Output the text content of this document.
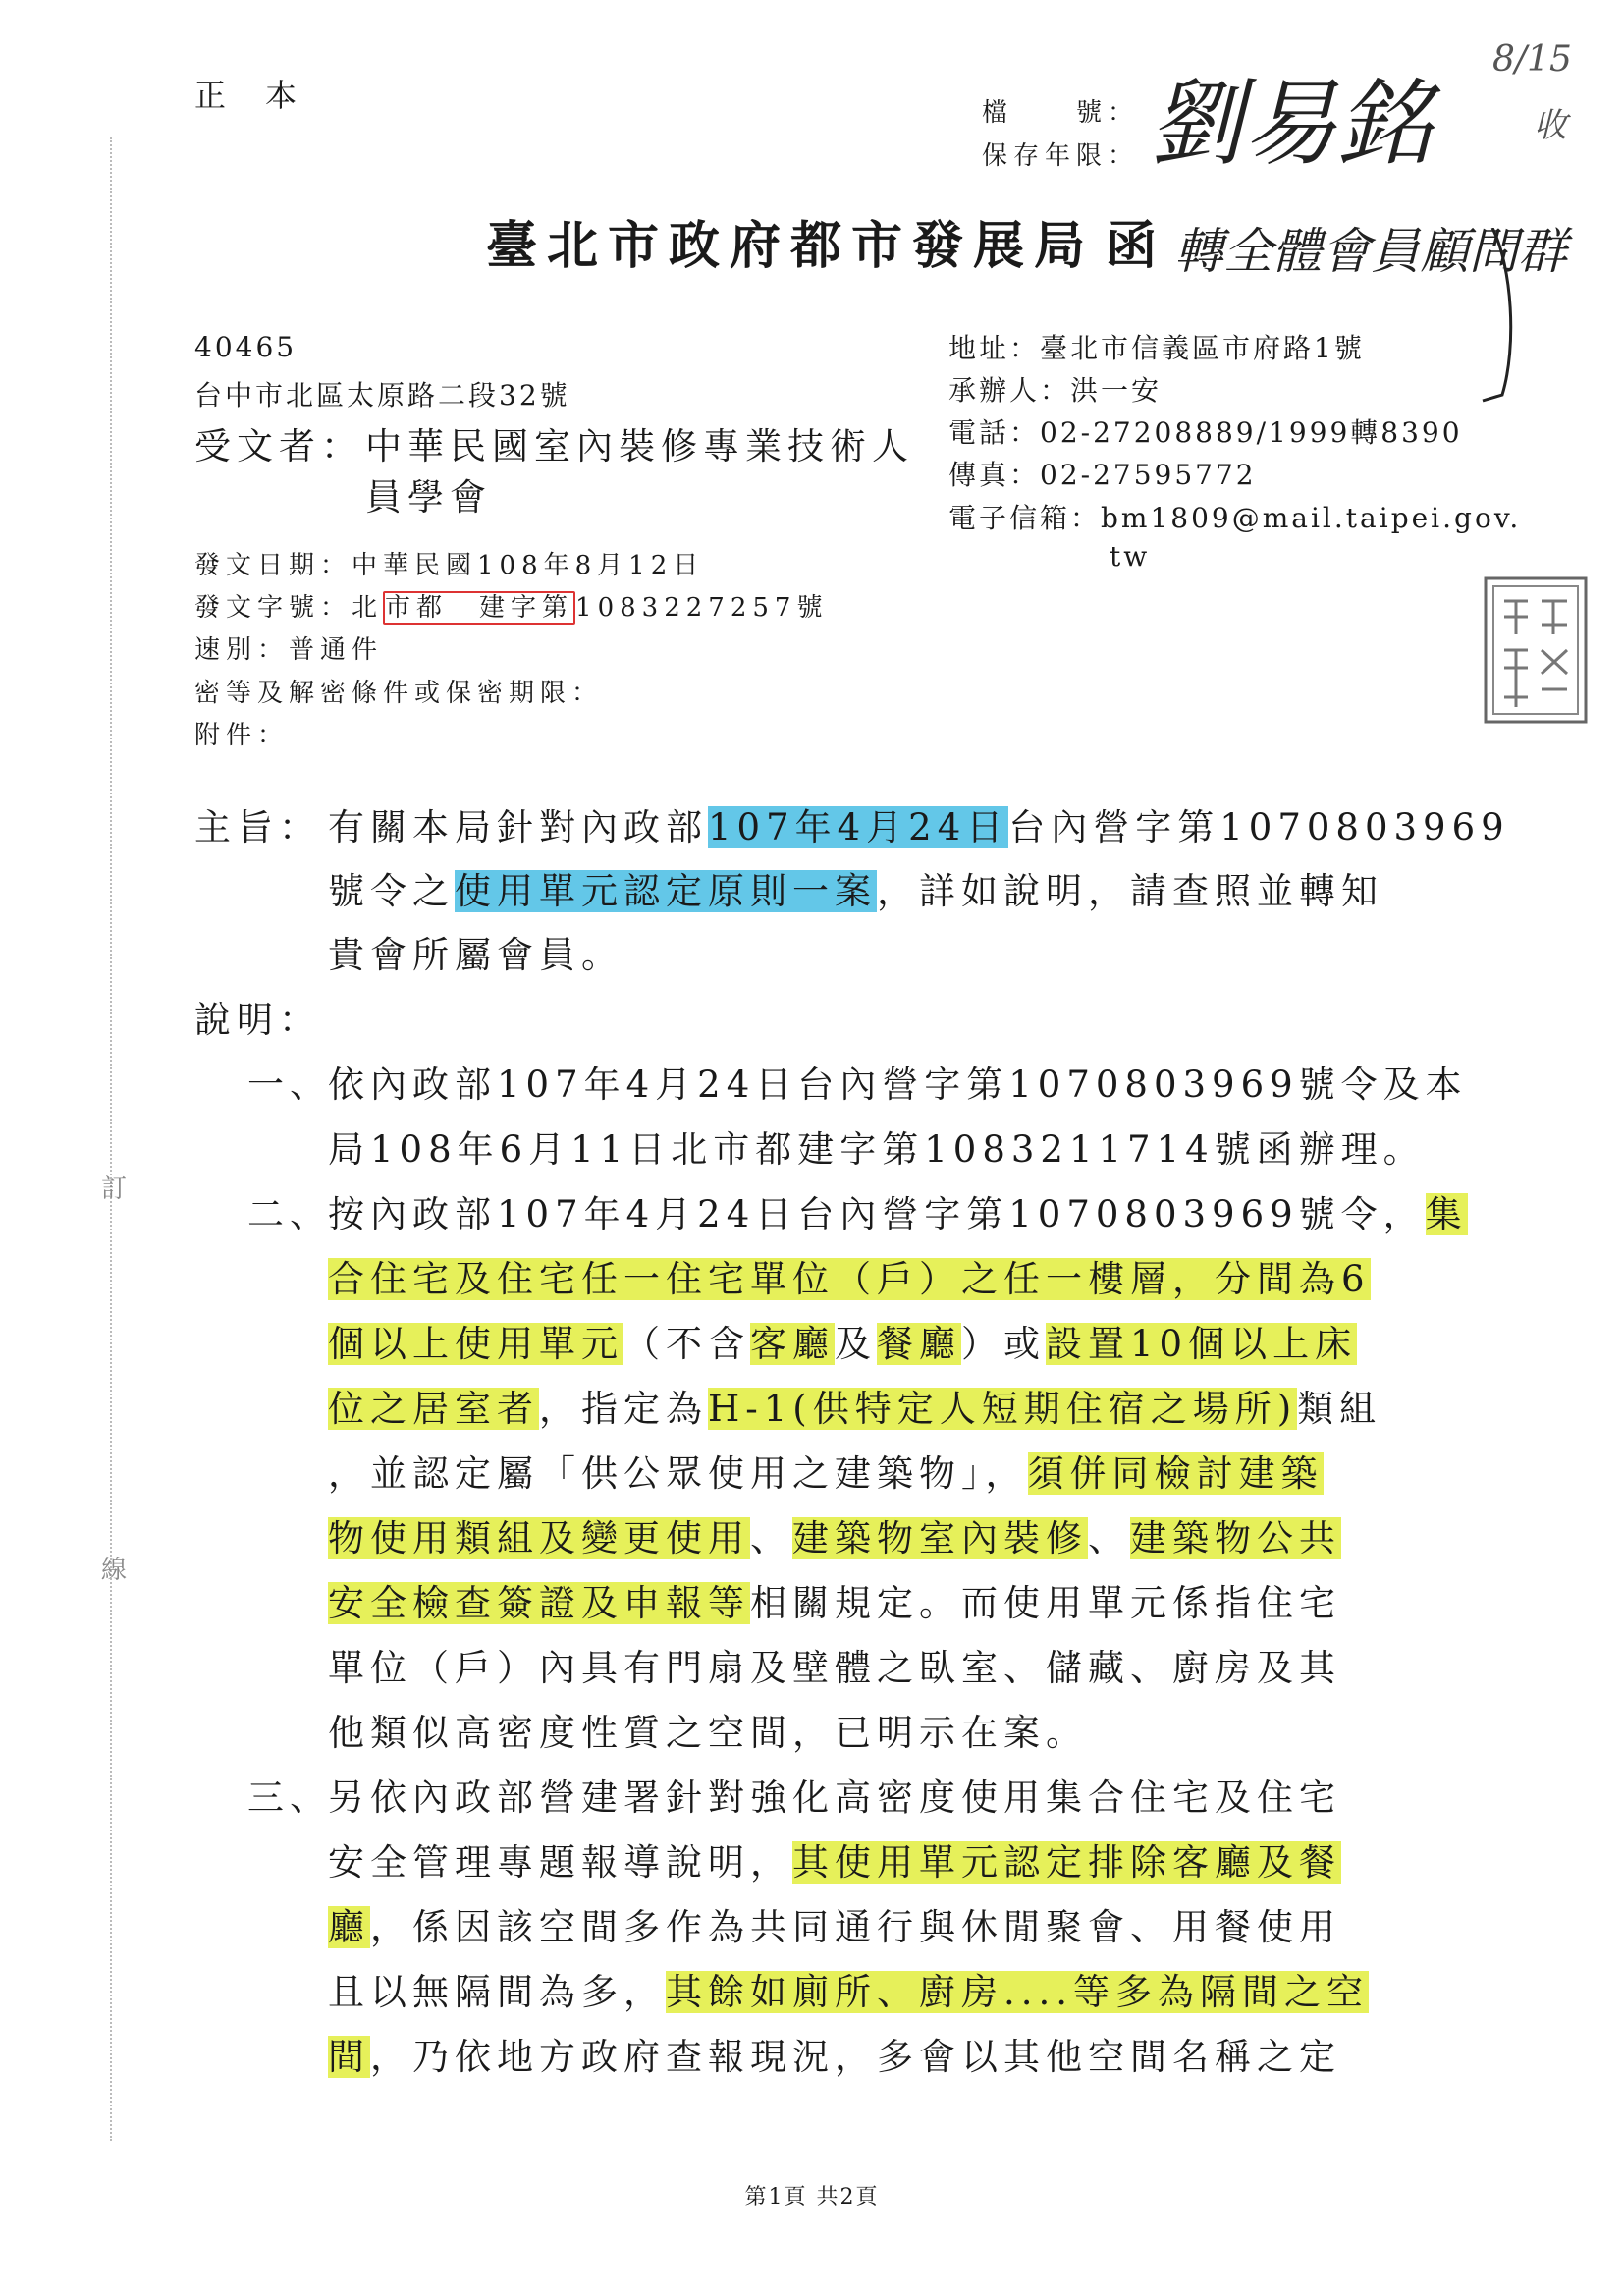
訂
線
正　本	檔　　號：
保存年限： 劉易銘
8/15
收
臺北市政府都市發展局 函 轉全體會員顧問群
40465
台中市北區太原路二段32號
受文者： 中華民國室內裝修專業技術人
員學會
地址：臺北市信義區市府路1號
承辦人：洪一安
電話：02-27208889/1999轉8390
傳真：02-27595772
電子信箱：bm1809@mail.taipei.gov.
tw
發文日期：中華民國108年8月12日
發文字號：北市都　建字第1083227257號
速別：普通件
密等及解密條件或保密期限：
附件：
主旨： 有關本局針對內政部107年4月24日台內營字第1070803969
號令之使用單元認定原則一案，詳如說明，請查照並轉知
貴會所屬會員。
說明：
一、
依內政部107年4月24日台內營字第1070803969號令及本
局108年6月11日北市都建字第1083211714號函辦理。
二、
按內政部107年4月24日台內營字第1070803969號令，集
合住宅及住宅任一住宅單位（戶）之任一樓層，分間為6
個以上使用單元（不含客廳及餐廳）或設置10個以上床
位之居室者，指定為H-1(供特定人短期住宿之場所)類組
，並認定屬「供公眾使用之建築物」，須併同檢討建築
物使用類組及變更使用、建築物室內裝修、建築物公共
安全檢查簽證及申報等相關規定。而使用單元係指住宅
單位（戶）內具有門扇及壁體之臥室、儲藏、廚房及其
他類似高密度性質之空間，已明示在案。
三、
另依內政部營建署針對強化高密度使用集合住宅及住宅
安全管理專題報導說明，其使用單元認定排除客廳及餐
廳，係因該空間多作為共同通行與休閒聚會、用餐使用
且以無隔間為多，其餘如廁所、廚房....等多為隔間之空
間，乃依地方政府查報現況，多會以其他空間名稱之定
第1頁 共2頁
